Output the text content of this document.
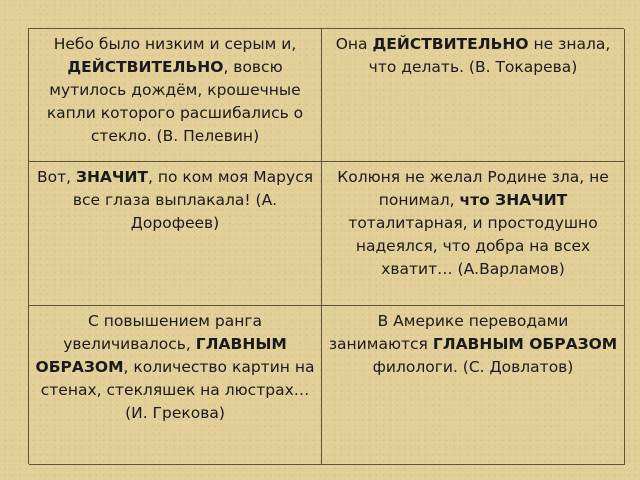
Небо было низким и серым и, ДЕЙСТВИТЕЛЬНО, вовсю мутилось дождём, крошечные капли которого расшибались о стекло. (В. Пелевин)
Она ДЕЙСТВИТЕЛЬНО не знала, что делать. (В. Токарева)
Вот, ЗНАЧИТ, по ком моя Маруся все глаза выплакала! (А. Дорофеев)
Колюня не желал Родине зла, не понимал, что ЗНАЧИТ тоталитарная, и простодушно надеялся, что добра на всех хватит… (А.Варламов)
С повышением ранга увеличивалось, ГЛАВНЫМ ОБРАЗОМ, количество картин на стенах, стекляшек на люстрах… (И. Грекова)
В Америке переводами занимаются ГЛАВНЫМ ОБРАЗОМ филологи. (С. Довлатов)
